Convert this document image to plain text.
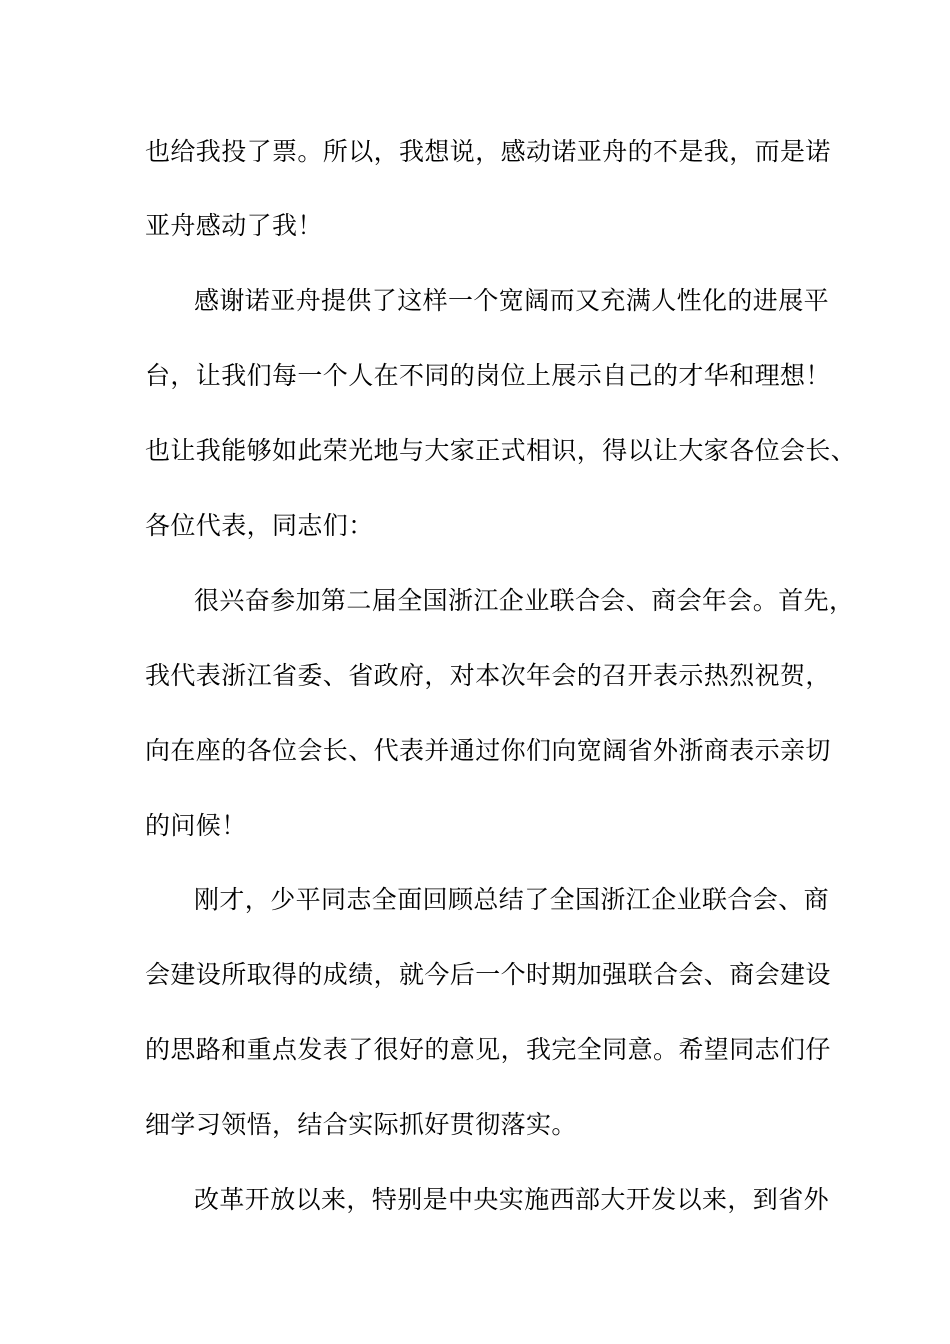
也给我投了票。所以，我想说，感动诺亚舟的不是我，而是诺
亚舟感动了我！
感谢诺亚舟提供了这样一个宽阔而又充满人性化的进展平
台，让我们每一个人在不同的岗位上展示自己的才华和理想！
也让我能够如此荣光地与大家正式相识，得以让大家各位会长、
各位代表，同志们：
很兴奋参加第二届全国浙江企业联合会、商会年会。首先，
我代表浙江省委、省政府，对本次年会的召开表示热烈祝贺，
向在座的各位会长、代表并通过你们向宽阔省外浙商表示亲切
的问候！
刚才，少平同志全面回顾总结了全国浙江企业联合会、商
会建设所取得的成绩，就今后一个时期加强联合会、商会建设
的思路和重点发表了很好的意见，我完全同意。希望同志们仔
细学习领悟，结合实际抓好贯彻落实。
改革开放以来，特别是中央实施西部大开发以来，到省外
